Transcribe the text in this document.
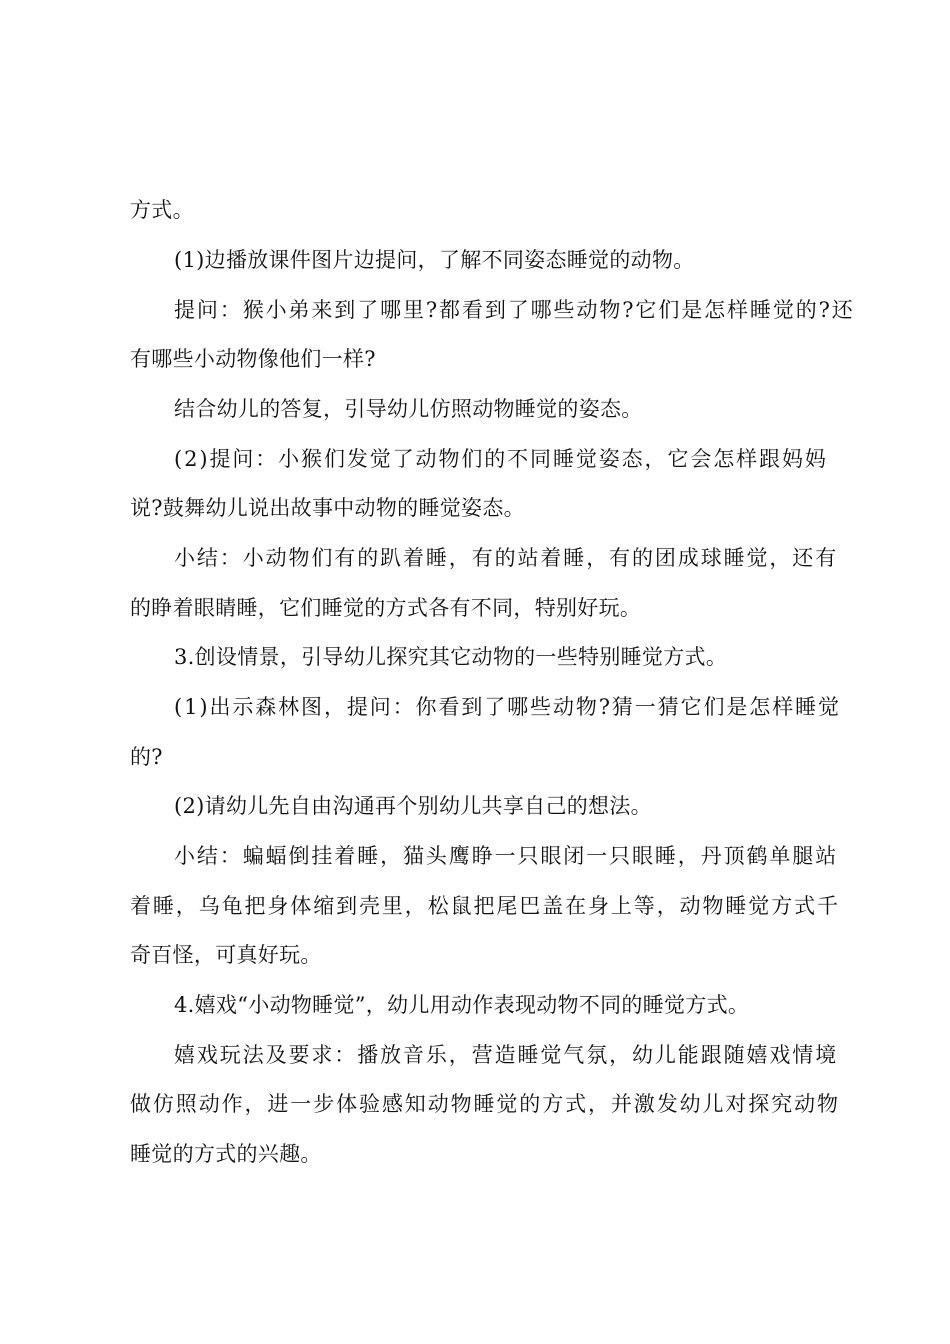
方式。
(1)边播放课件图片边提问，了解不同姿态睡觉的动物。
提问：猴小弟来到了哪里?都看到了哪些动物?它们是怎样睡觉的?还
有哪些小动物像他们一样?
结合幼儿的答复，引导幼儿仿照动物睡觉的姿态。
(2)提问：小猴们发觉了动物们的不同睡觉姿态，它会怎样跟妈妈
说?鼓舞幼儿说出故事中动物的睡觉姿态。
小结：小动物们有的趴着睡，有的站着睡，有的团成球睡觉，还有
的睁着眼睛睡，它们睡觉的方式各有不同，特别好玩。
3.创设情景，引导幼儿探究其它动物的一些特别睡觉方式。
(1)出示森林图，提问：你看到了哪些动物?猜一猜它们是怎样睡觉
的?
(2)请幼儿先自由沟通再个别幼儿共享自己的想法。
小结：蝙蝠倒挂着睡，猫头鹰睁一只眼闭一只眼睡，丹顶鹤单腿站
着睡，乌龟把身体缩到壳里，松鼠把尾巴盖在身上等，动物睡觉方式千
奇百怪，可真好玩。
4.嬉戏“小动物睡觉”，幼儿用动作表现动物不同的睡觉方式。
嬉戏玩法及要求：播放音乐，营造睡觉气氛，幼儿能跟随嬉戏情境
做仿照动作，进一步体验感知动物睡觉的方式，并激发幼儿对探究动物
睡觉的方式的兴趣。
